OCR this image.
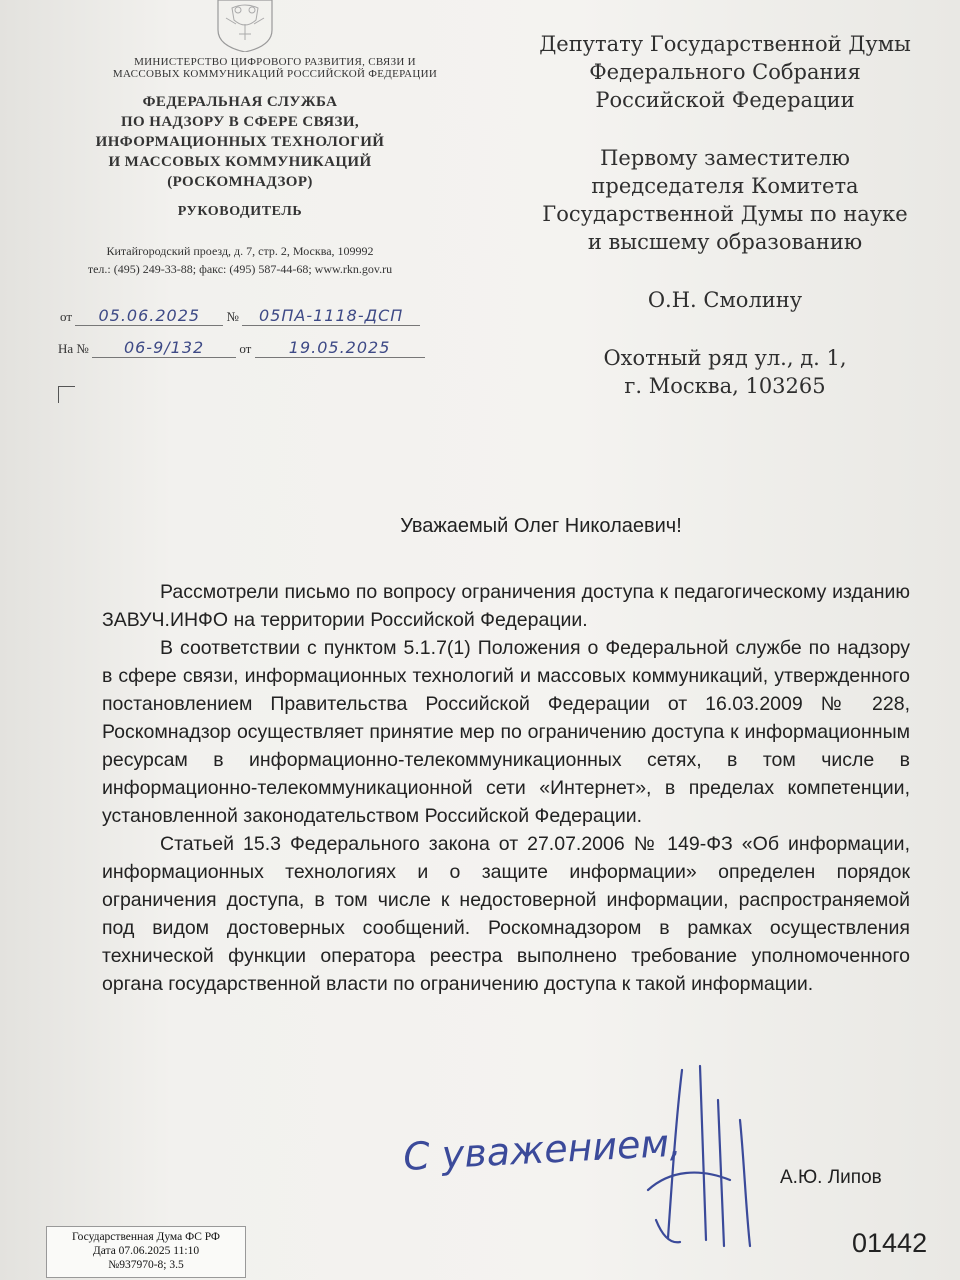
МИНИСТЕРСТВО ЦИФРОВОГО РАЗВИТИЯ, СВЯЗИ И МАССОВЫХ КОММУНИКАЦИЙ РОССИЙСКОЙ ФЕДЕРАЦИИ
ФЕДЕРАЛЬНАЯ СЛУЖБА
ПО НАДЗОРУ В СФЕРЕ СВЯЗИ,
ИНФОРМАЦИОННЫХ ТЕХНОЛОГИЙ
И МАССОВЫХ КОММУНИКАЦИЙ
(РОСКОМНАДЗОР)
РУКОВОДИТЕЛЬ
Китайгородский проезд, д. 7, стр. 2, Москва, 109992
тел.: (495) 249-33-88; факс: (495) 587-44-68; www.rkn.gov.ru
от 05.06.2025 № 05ПА-1118-ДСП
На № 06-9/132	от 19.05.2025

Депутату Государственной Думы
Федерального Собрания
Российской Федерации

Первому заместителю
председателя Комитета
Государственной Думы по науке
и высшему образованию

О.Н. Смолину

Охотный ряд ул., д. 1,
г. Москва, 103265

Уважаемый Олег Николаевич!

Рассмотрели письмо по вопросу ограничения доступа к педагогическому изданию ЗАВУЧ.ИНФО на территории Российской Федерации.

В соответствии с пунктом 5.1.7(1) Положения о Федеральной службе по надзору в сфере связи, информационных технологий и массовых коммуникаций, утвержденного постановлением Правительства Российской Федерации от 16.03.2009 № 228, Роскомнадзор осуществляет принятие мер по ограничению доступа к информационным ресурсам в информационно-телекоммуникационных сетях, в том числе в информационно-телекоммуникационной сети «Интернет», в пределах компетенции, установленной законодательством Российской Федерации.

Статьей 15.3 Федерального закона от 27.07.2006 № 149-ФЗ «Об информации, информационных технологиях и о защите информации» определен порядок ограничения доступа, в том числе к недостоверной информации, распространяемой под видом достоверных сообщений. Роскомнадзором в рамках осуществления технической функции оператора реестра выполнено требование уполномоченного органа государственной власти по ограничению доступа к такой информации.

С уважением,	А.Ю. Липов
01442
Государственная Дума ФС РФ
Дата 07.06.2025 11:10
№937970-8; 3.5
